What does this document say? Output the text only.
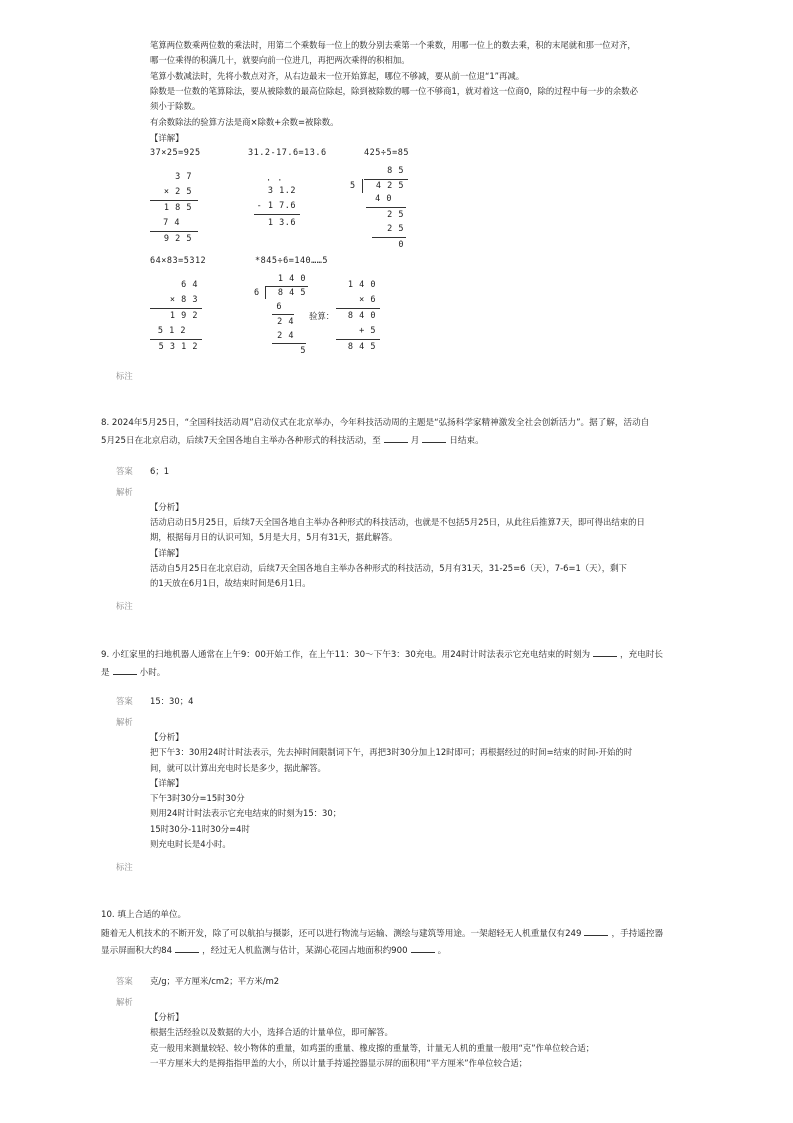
笔算两位数乘两位数的乘法时，用第二个乘数每一位上的数分别去乘第一个乘数，用哪一位上的数去乘，积的末尾就和那一位对齐，
哪一位乘得的积满几十，就要向前一位进几，再把两次乘得的积相加。
笔算小数减法时，先将小数点对齐，从右边最末一位开始算起，哪位不够减，要从前一位退“1”再减。
除数是一位数的笔算除法，要从被除数的最高位除起，除到被除数的哪一位不够商1，就对着这一位商0，除的过程中每一步的余数必
须小于除数。
有余数除法的验算方法是商×除数+余数=被除数。
【详解】
37×25=925
3 7
× 2 5
1 8 5
7 4
9 2 5
31.2-17.6=13.6
· ·
3 1.2
- 1 7.6
1 3.6
425÷5=85
8 5
5	4 2 5
4 0
2 5
2 5
0
64×83=5312
6 4
× 8 3
1 9 2
5 1 2
5 3 1 2
*845÷6=140……5
1 4 0
6	8 4 5
6
2 4
2 4
5
验算：
1 4 0
× 6
8 4 0
+ 5
8 4 5
标注
8. 2024年5月25日，“全国科技活动周”启动仪式在北京举办，今年科技活动周的主题是“弘扬科学家精神激发全社会创新活力”。据了解，活动自
5月25日在北京启动，后续7天全国各地自主举办各种形式的科技活动，至	月	日结束。
答案 6；1
解析
【分析】
活动启动日5月25日，后续7天全国各地自主举办各种形式的科技活动，也就是不包括5月25日，从此往后推算7天，即可得出结束的日
期，根据每月日的认识可知，5月是大月，5月有31天，据此解答。
【详解】
活动自5月25日在北京启动，后续7天全国各地自主举办各种形式的科技活动，5月有31天，31-25=6（天），7-6=1（天），剩下
的1天放在6月1日，故结束时间是6月1日。
标注
9. 小红家里的扫地机器人通常在上午9：00开始工作，在上午11：30～下午3：30充电。用24时计时法表示它充电结束的时刻为	，充电时长
是	小时。
答案 15：30；4
解析
【分析】
把下午3：30用24时计时法表示，先去掉时间限制词下午，再把3时30分加上12时即可；再根据经过的时间=结束的时间-开始的时
间，就可以计算出充电时长是多少，据此解答。
【详解】
下午3时30分=15时30分
则用24时计时法表示它充电结束的时刻为15：30；
15时30分-11时30分=4时
则充电时长是4小时。
标注
10. 填上合适的单位。
随着无人机技术的不断开发，除了可以航拍与摄影，还可以进行物流与运输、测绘与建筑等用途。一架超轻无人机重量仅有249	，手持遥控器
显示屏面积大约84	，经过无人机监测与估计，某湖心花园占地面积约900	。
答案 克/g；平方厘米/cm2；平方米/m2
解析
【分析】
根据生活经验以及数据的大小，选择合适的计量单位，即可解答。
克一般用来测量较轻、较小物体的重量，如鸡蛋的重量、橡皮擦的重量等，计量无人机的重量一般用“克”作单位较合适；
一平方厘米大约是拇指指甲盖的大小，所以计量手持遥控器显示屏的面积用“平方厘米”作单位较合适；
